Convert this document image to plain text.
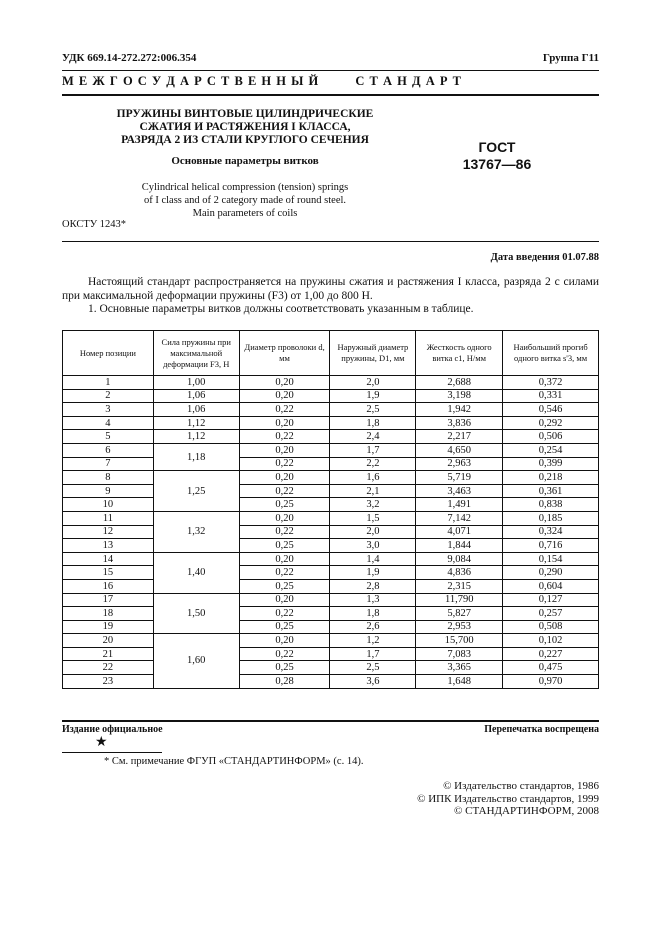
УДК 669.14-272.272:006.354	Группа Г11
М Е Ж Г О С У Д А Р С Т В Е Н Н Ы Й	С Т А Н Д А Р Т
ПРУЖИНЫ ВИНТОВЫЕ ЦИЛИНДРИЧЕСКИЕ
СЖАТИЯ И РАСТЯЖЕНИЯ I КЛАССА,
РАЗРЯДА 2 ИЗ СТАЛИ КРУГЛОГО СЕЧЕНИЯ
Основные параметры витков
ГОСТ
13767—86
Cylindrical helical compression (tension) springs
of I class and of 2 category made of round steel.
Main parameters of coils
ОКСТУ 1243*
Дата введения 01.07.88
Настоящий стандарт распространяется на пружины сжатия и растяжения I класса, разряда 2 с силами при максимальной деформации пружины (F3) от 1,00 до 800 Н.
1. Основные параметры витков должны соответствовать указанным в таблице.
Номер позиции	Сила пружины при максимальной деформации F3, Н	Диаметр проволоки d, мм	Наружный диаметр пружины, D1, мм	Жесткость одного витка c1, Н/мм	Наибольший прогиб одного витка s'3, мм
1	1,00	0,20	2,0	2,688	0,372
2	1,06	0,20	1,9	3,198	0,331
3	1,06	0,22	2,5	1,942	0,546
4	1,12	0,20	1,8	3,836	0,292
5	1,12	0,22	2,4	2,217	0,506
6	1,18	0,20	1,7	4,650	0,254
7		0,22	2,2	2,963	0,399
8	1,25	0,20	1,6	5,719	0,218
9		0,22	2,1	3,463	0,361
10		0,25	3,2	1,491	0,838
11	1,32	0,20	1,5	7,142	0,185
12		0,22	2,0	4,071	0,324
13		0,25	3,0	1,844	0,716
14	1,40	0,20	1,4	9,084	0,154
15		0,22	1,9	4,836	0,290
16		0,25	2,8	2,315	0,604
17	1,50	0,20	1,3	11,790	0,127
18		0,22	1,8	5,827	0,257
19		0,25	2,6	2,953	0,508
20	1,60	0,20	1,2	15,700	0,102
21		0,22	1,7	7,083	0,227
22		0,25	2,5	3,365	0,475
23		0,28	3,6	1,648	0,970
Издание официальное
★
Перепечатка воспрещена
* См. примечание ФГУП «СТАНДАРТИНФОРМ» (с. 14).
© Издательство стандартов, 1986
© ИПК Издательство стандартов, 1999
© СТАНДАРТИНФОРМ, 2008
